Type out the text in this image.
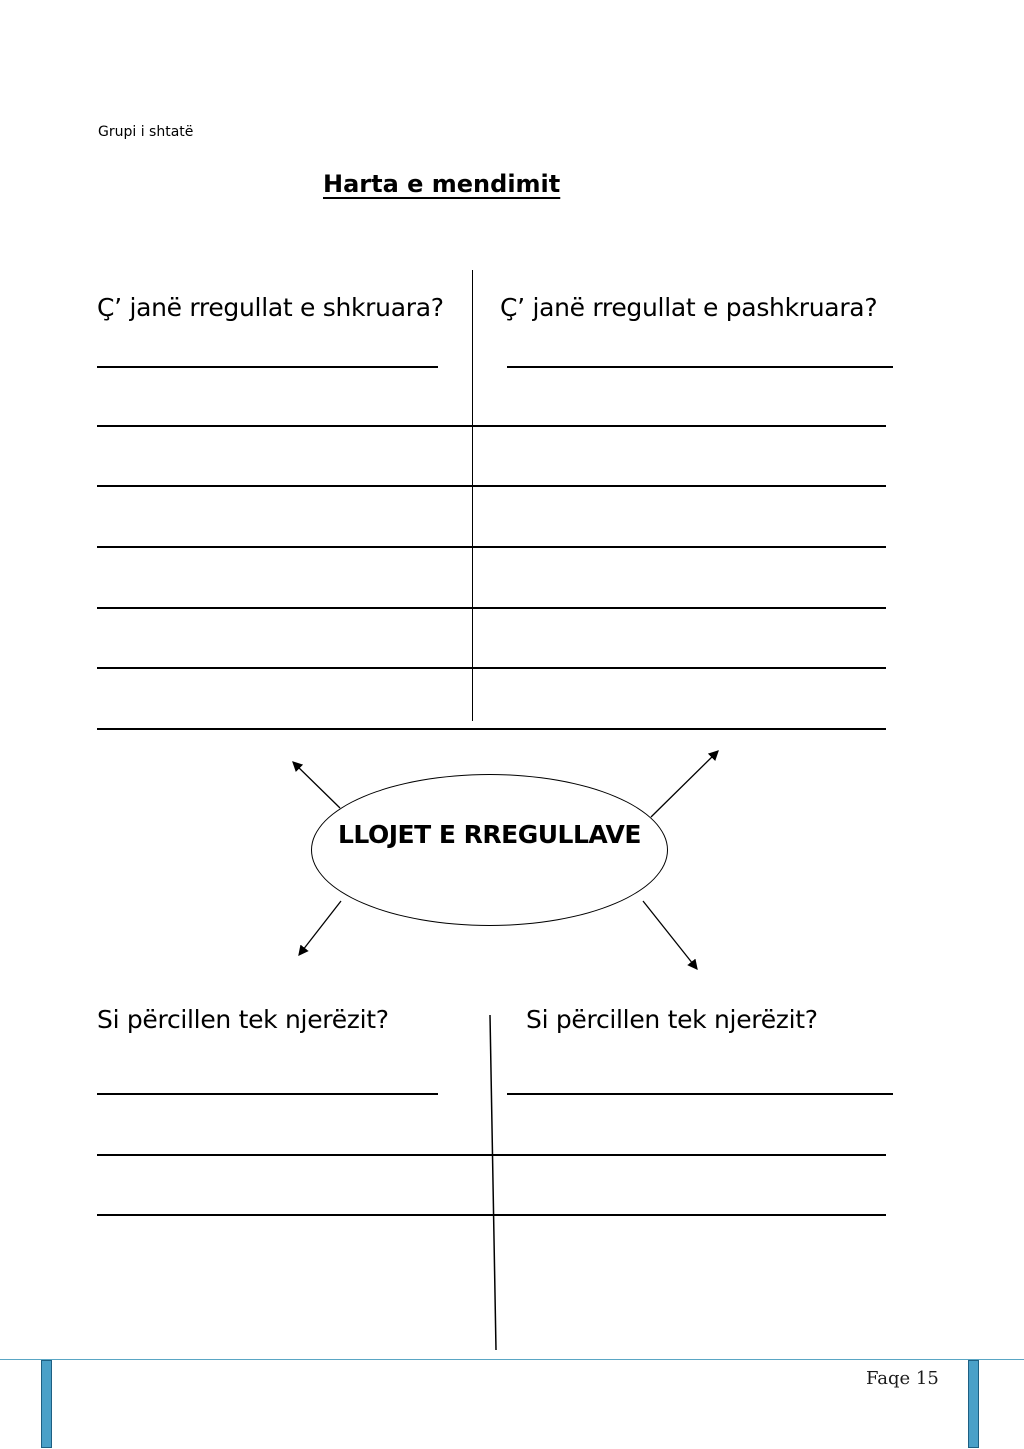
Grupi i shtatë
Harta e mendimit
Ç’ janë rregullat e shkruara? Ç’ janë rregullat e pashkruara?
LLOJET E RREGULLAVE
Si përcillen tek njerëzit?	Si përcillen tek njerëzit?
Faqe 15
